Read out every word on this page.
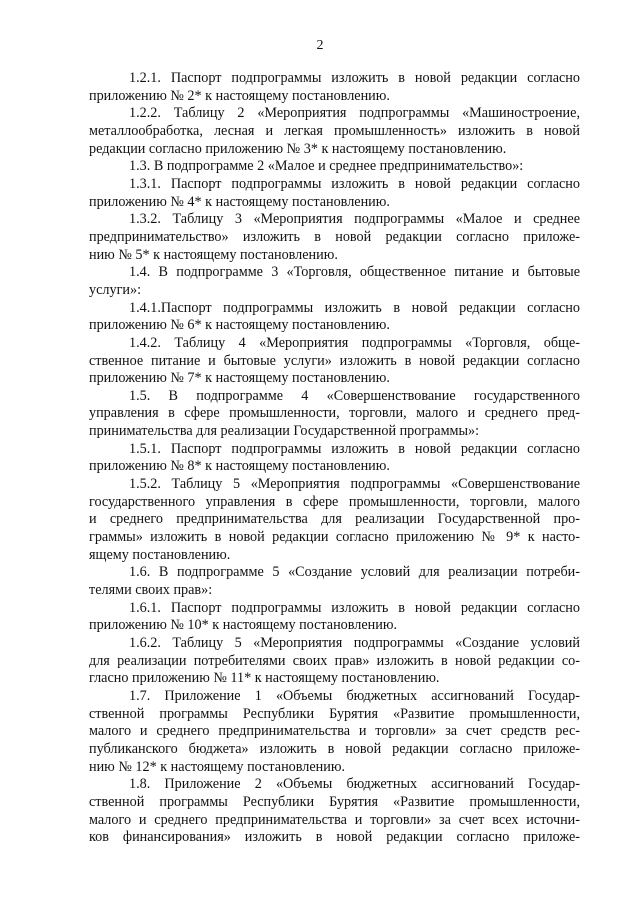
2
1.2.1. Паспорт подпрограммы изложить в новой редакции согласно
приложению № 2* к настоящему постановлению.
1.2.2. Таблицу 2 «Мероприятия подпрограммы «Машиностроение,
металлообработка, лесная и легкая промышленность» изложить в новой
редакции согласно приложению № 3* к настоящему постановлению.
1.3. В подпрограмме 2 «Малое и среднее предпринимательство»:
1.3.1. Паспорт подпрограммы изложить в новой редакции согласно
приложению № 4* к настоящему постановлению.
1.3.2. Таблицу 3 «Мероприятия подпрограммы «Малое и среднее
предпринимательство» изложить в новой редакции согласно приложе-
нию № 5* к настоящему постановлению.
1.4. В подпрограмме 3 «Торговля, общественное питание и бытовые
услуги»:
1.4.1.Паспорт подпрограммы изложить в новой редакции согласно
приложению № 6* к настоящему постановлению.
1.4.2. Таблицу 4 «Мероприятия подпрограммы «Торговля, обще-
ственное питание и бытовые услуги» изложить в новой редакции согласно
приложению № 7* к настоящему постановлению.
1.5. В подпрограмме 4 «Совершенствование государственного
управления в сфере промышленности, торговли, малого и среднего пред-
принимательства для реализации Государственной программы»:
1.5.1. Паспорт подпрограммы изложить в новой редакции согласно
приложению № 8* к настоящему постановлению.
1.5.2. Таблицу 5 «Мероприятия подпрограммы «Совершенствование
государственного управления в сфере промышленности, торговли, малого
и среднего предпринимательства для реализации Государственной про-
граммы» изложить в новой редакции согласно приложению № 9* к насто-
ящему постановлению.
1.6. В подпрограмме 5 «Создание условий для реализации потреби-
телями своих прав»:
1.6.1. Паспорт подпрограммы изложить в новой редакции согласно
приложению № 10* к настоящему постановлению.
1.6.2. Таблицу 5 «Мероприятия подпрограммы «Создание условий
для реализации потребителями своих прав» изложить в новой редакции со-
гласно приложению № 11* к настоящему постановлению.
1.7. Приложение 1 «Объемы бюджетных ассигнований Государ-
ственной программы Республики Бурятия «Развитие промышленности,
малого и среднего предпринимательства и торговли» за счет средств рес-
публиканского бюджета» изложить в новой редакции согласно приложе-
нию № 12* к настоящему постановлению.
1.8. Приложение 2 «Объемы бюджетных ассигнований Государ-
ственной программы Республики Бурятия «Развитие промышленности,
малого и среднего предпринимательства и торговли» за счет всех источни-
ков финансирования» изложить в новой редакции согласно приложе-
